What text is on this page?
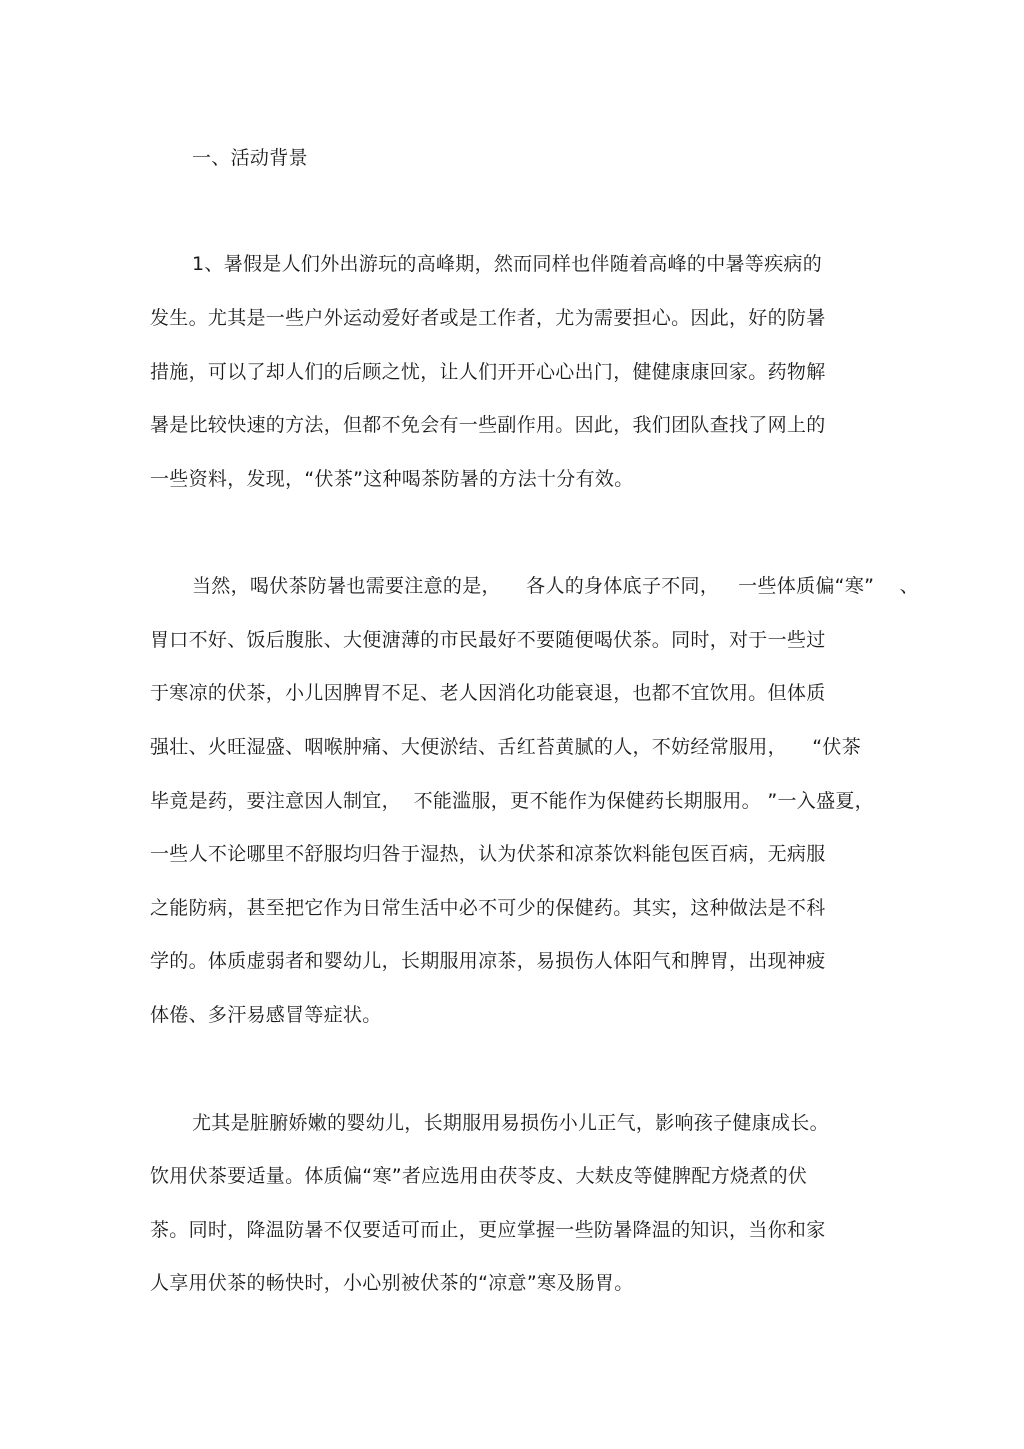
一、活动背景
1、暑假是人们外出游玩的高峰期，然而同样也伴随着高峰的中暑等疾病的
发生。尤其是一些户外运动爱好者或是工作者，尤为需要担心。因此，好的防暑
措施，可以了却人们的后顾之忧，让人们开开心心出门，健健康康回家。药物解
暑是比较快速的方法，但都不免会有一些副作用。因此，我们团队查找了网上的
一些资料，发现，“伏茶”这种喝茶防暑的方法十分有效。
当然，喝伏茶防暑也需要注意的是，    各人的身体底子不同，   一些体质偏“寒”    、
胃口不好、饭后腹胀、大便溏薄的市民最好不要随便喝伏茶。同时，对于一些过
于寒凉的伏茶，小儿因脾胃不足、老人因消化功能衰退，也都不宜饮用。但体质
强壮、火旺湿盛、咽喉肿痛、大便淤结、舌红苔黄腻的人，不妨经常服用，    “伏茶
毕竟是药，要注意因人制宜，  不能滥服，更不能作为保健药长期服用。 ”一入盛夏，
一些人不论哪里不舒服均归咎于湿热，认为伏茶和凉茶饮料能包医百病，无病服
之能防病，甚至把它作为日常生活中必不可少的保健药。其实，这种做法是不科
学的。体质虚弱者和婴幼儿，长期服用凉茶，易损伤人体阳气和脾胃，出现神疲
体倦、多汗易感冒等症状。
尤其是脏腑娇嫩的婴幼儿，长期服用易损伤小儿正气，影响孩子健康成长。
饮用伏茶要适量。体质偏“寒”者应选用由茯苓皮、大麸皮等健脾配方烧煮的伏
茶。同时，降温防暑不仅要适可而止，更应掌握一些防暑降温的知识，当你和家
人享用伏茶的畅快时，小心别被伏茶的“凉意”寒及肠胃。
